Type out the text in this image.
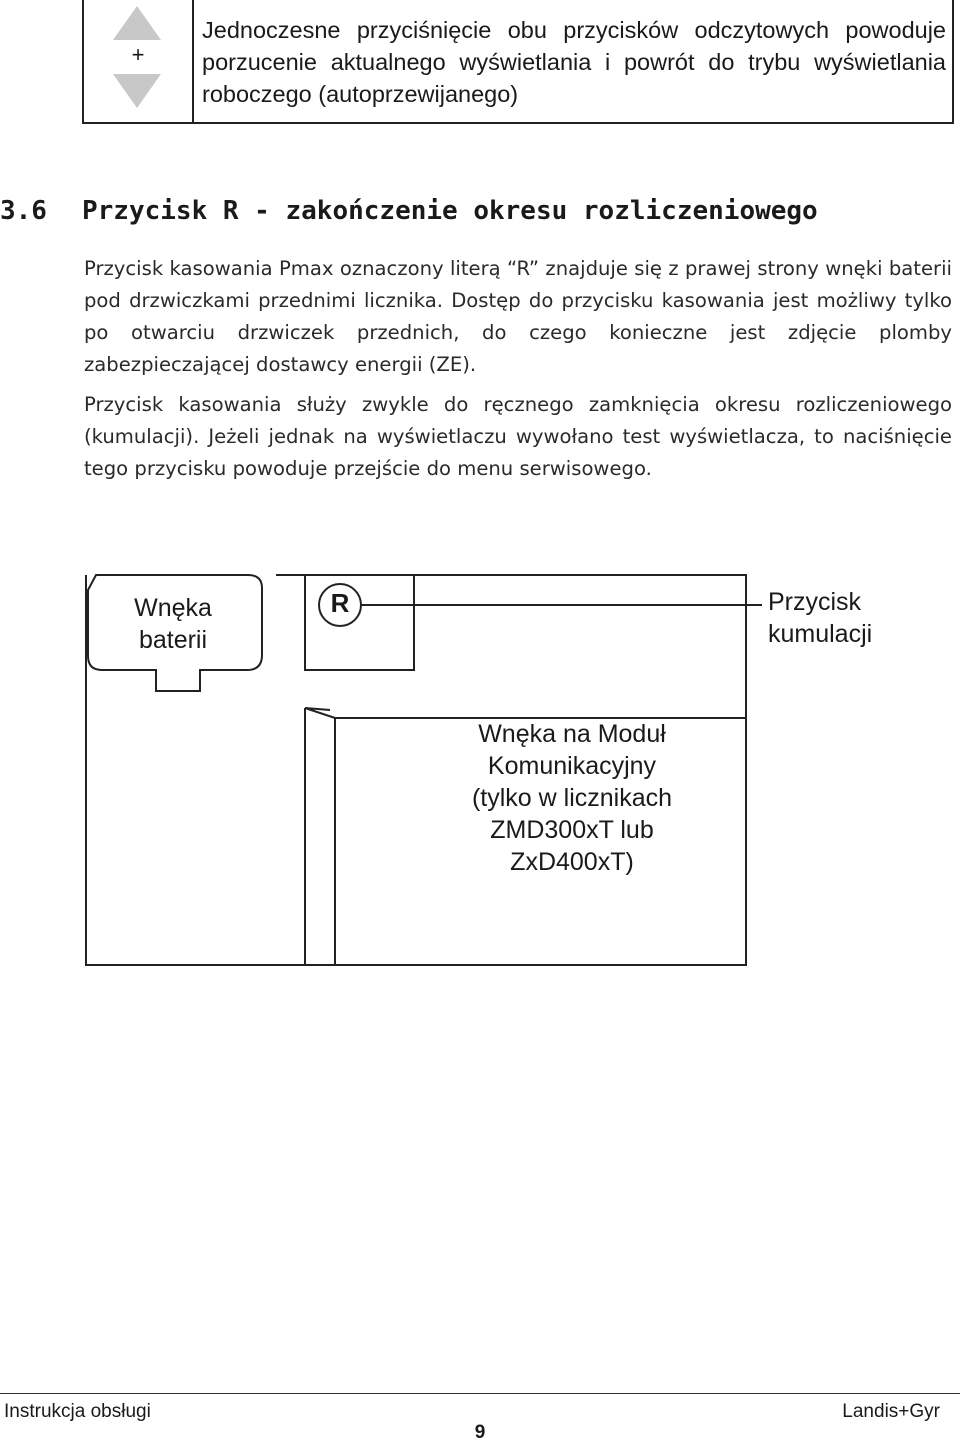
+
Jednoczesne przyciśnięcie obu przycisków odczytowych powoduje porzucenie aktualnego wyświetlania i powrót do trybu wyświetlania roboczego (autoprzewijanego)
3.6 Przycisk R - zakończenie okresu rozliczeniowego

Przycisk kasowania Pmax oznaczony literą “R” znajduje się z prawej strony wnęki baterii pod drzwiczkami przednimi licznika. Dostęp do przycisku kasowania jest możliwy tylko po otwarciu drzwiczek przednich, do czego konieczne jest zdjęcie plomby zabezpieczającej dostawcy energii (ZE).

Przycisk kasowania służy zwykle do ręcznego zamknięcia okresu rozliczeniowego (kumulacji). Jeżeli jednak na wyświetlaczu wywołano test wyświetlacza, to naciśnięcie tego przycisku powoduje przejście do menu serwisowego.

Wnęka
baterii
R	Przycisk
kumulacji
Wnęka na Moduł
Komunikacyjny
(tylko w licznikach
ZMD300xT lub
ZxD400xT)
Instrukcja obsługi	Landis+Gyr
9
